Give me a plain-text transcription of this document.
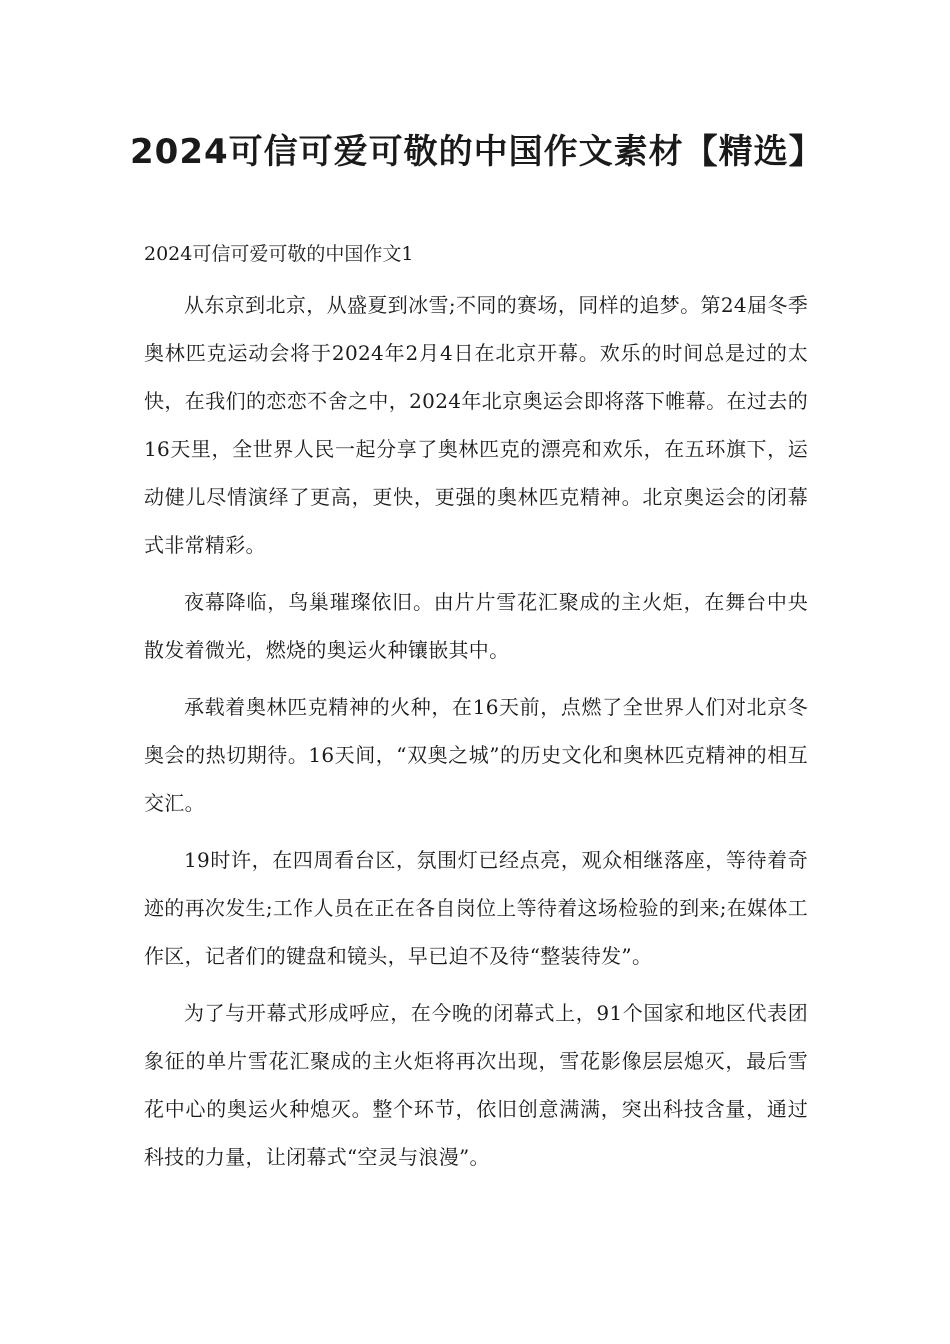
2024可信可爱可敬的中国作文素材【精选】

2024可信可爱可敬的中国作文1

从东京到北京，从盛夏到冰雪;不同的赛场，同样的追梦。第24届冬季奥林匹克运动会将于2024年2月4日在北京开幕。欢乐的时间总是过的太快，在我们的恋恋不舍之中，2024年北京奥运会即将落下帷幕。在过去的16天里，全世界人民一起分享了奥林匹克的漂亮和欢乐，在五环旗下，运动健儿尽情演绎了更高，更快，更强的奥林匹克精神。北京奥运会的闭幕式非常精彩。

夜幕降临，鸟巢璀璨依旧。由片片雪花汇聚成的主火炬，在舞台中央散发着微光，燃烧的奥运火种镶嵌其中。

承载着奥林匹克精神的火种，在16天前，点燃了全世界人们对北京冬奥会的热切期待。16天间，“双奥之城”的历史文化和奥林匹克精神的相互交汇。

19时许，在四周看台区，氛围灯已经点亮，观众相继落座，等待着奇迹的再次发生;工作人员在正在各自岗位上等待着这场检验的到来;在媒体工作区，记者们的键盘和镜头，早已迫不及待“整装待发”。

为了与开幕式形成呼应，在今晚的闭幕式上，91个国家和地区代表团象征的单片雪花汇聚成的主火炬将再次出现，雪花影像层层熄灭，最后雪花中心的奥运火种熄灭。整个环节，依旧创意满满，突出科技含量，通过科技的力量，让闭幕式“空灵与浪漫”。
